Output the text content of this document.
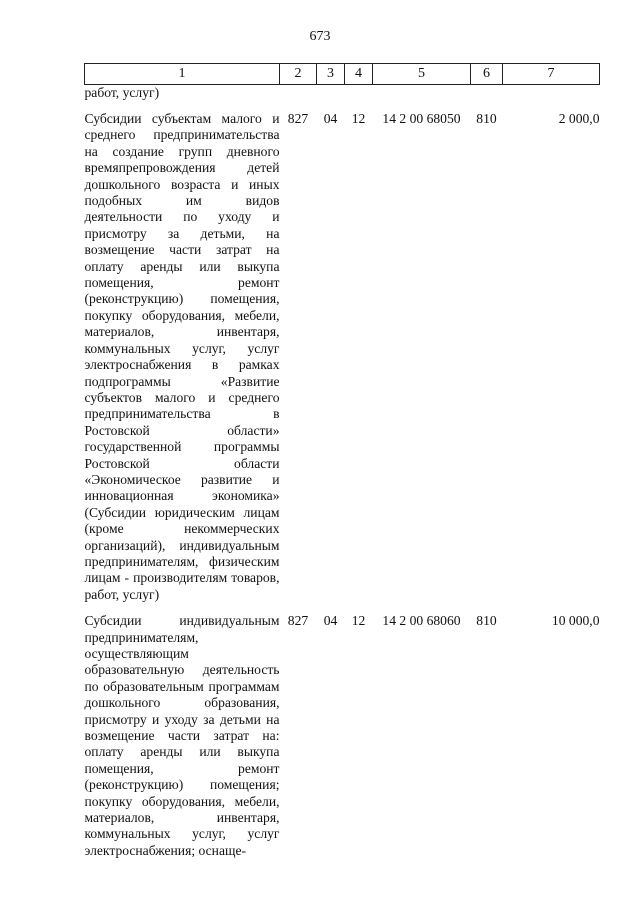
673
1	2	3	4	5	6	7
работ, услуг)						

Субсидии субъектам малого и среднего предпринимательства на создание групп дневного времяпрепровождения детей дошкольного возраста и иных подобных им видов деятельности по уходу и присмотру за детьми, на возмещение части затрат на оплату аренды или выкупа помещения, ремонт (реконструкцию) помещения, покупку оборудования, мебели, материалов, инвентаря, коммунальных услуг, услуг электроснабжения в рамках подпрограммы «Развитие субъектов малого и среднего предпринимательства в Ростовской области» государственной программы Ростовской области «Экономическое развитие и инновационная экономика» (Субсидии юридическим лицам (кроме некоммерческих организаций), индивидуальным предпринимателям, физическим лицам - производителям товаров, работ, услуг)	827	04	12	14 2 00 68050	810	2 000,0

Субсидии индивидуальным предпринимателям, осуществляющим образовательную деятельность по образовательным программам дошкольного образования, присмотру и уходу за детьми на возмещение части затрат на: оплату аренды или выкупа помещения, ремонт (реконструкцию) помещения; покупку оборудования, мебели, материалов, инвентаря, коммунальных услуг, услуг электроснабжения; оснаще-	827	04	12	14 2 00 68060	810	10 000,0
